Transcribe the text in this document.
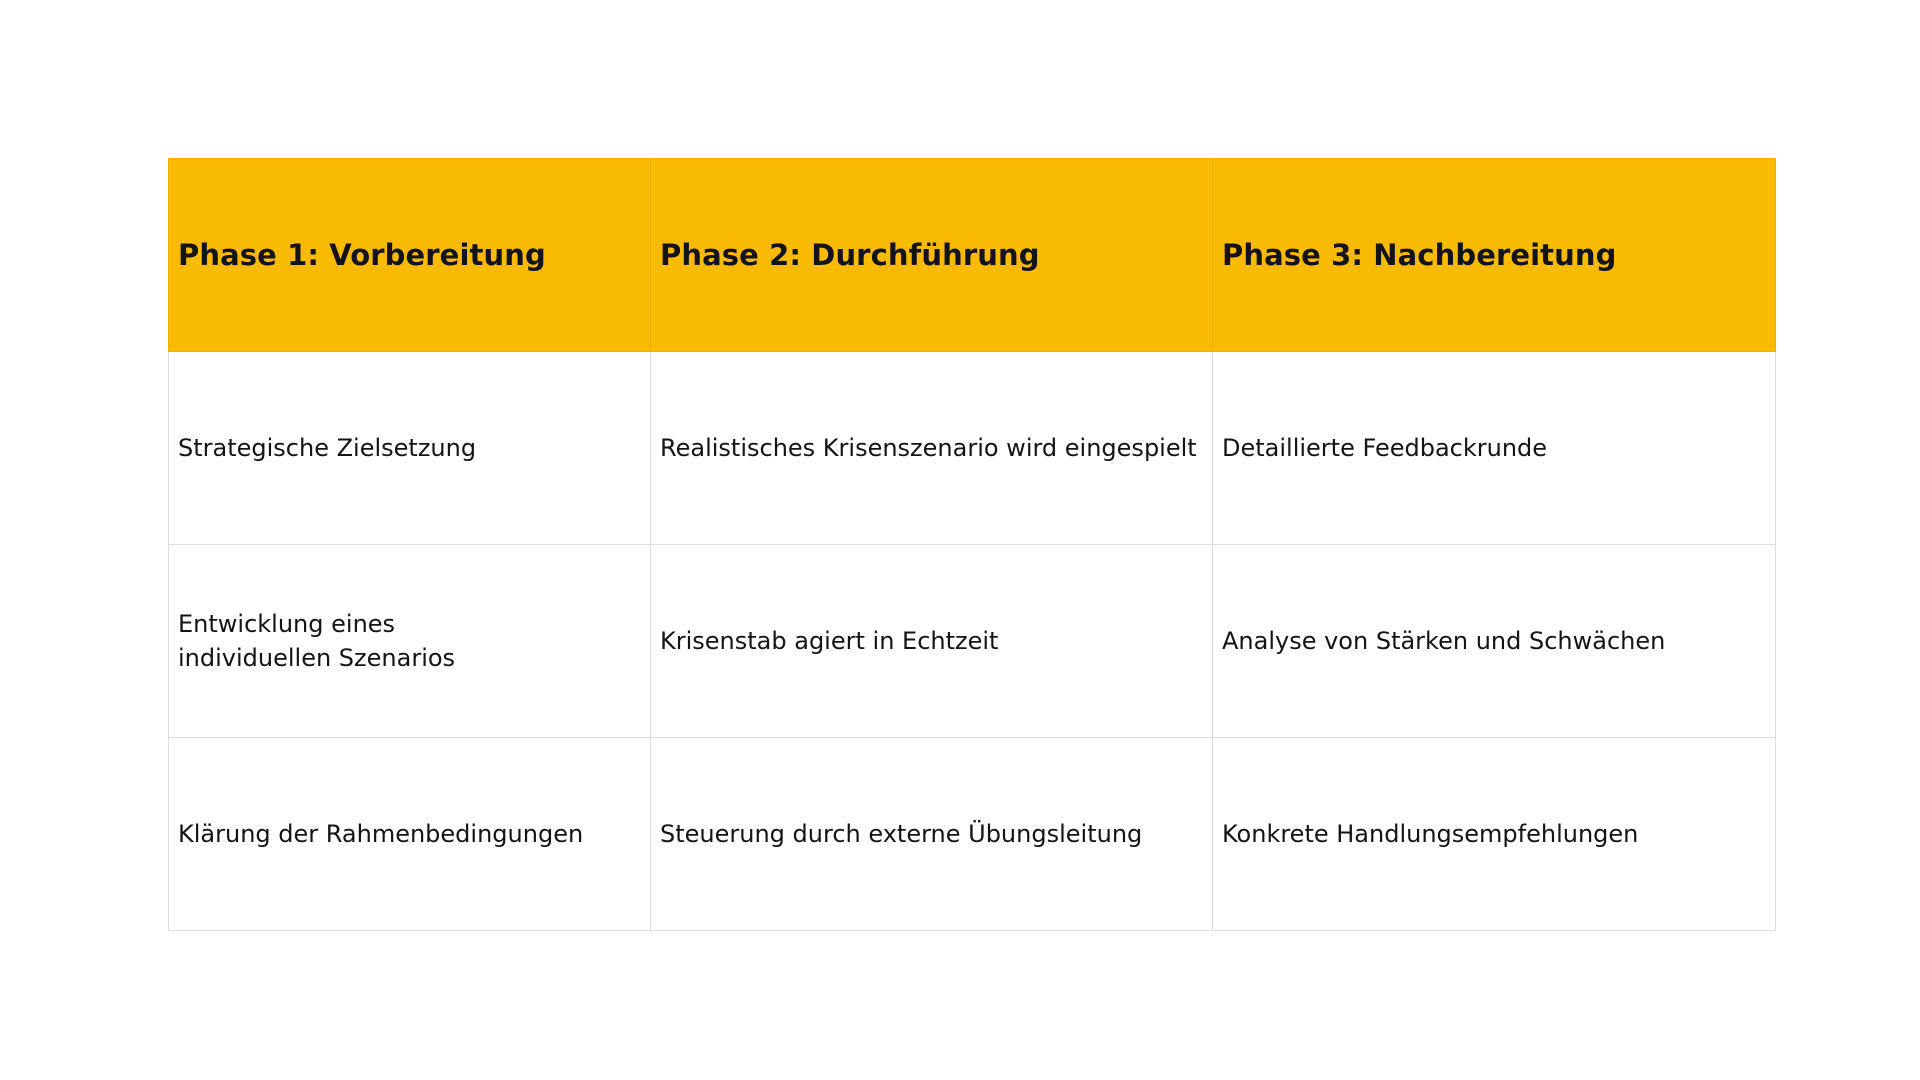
Phase 1: Vorbereitung	Phase 2: Durchführung	Phase 3: Nachbereitung
Strategische Zielsetzung	Realistisches Krisenszenario wird eingespielt	Detaillierte Feedbackrunde
Entwicklung eines individuellen Szenarios	Krisenstab agiert in Echtzeit	Analyse von Stärken und Schwächen
Klärung der Rahmenbedingungen	Steuerung durch externe Übungsleitung	Konkrete Handlungsempfehlungen
